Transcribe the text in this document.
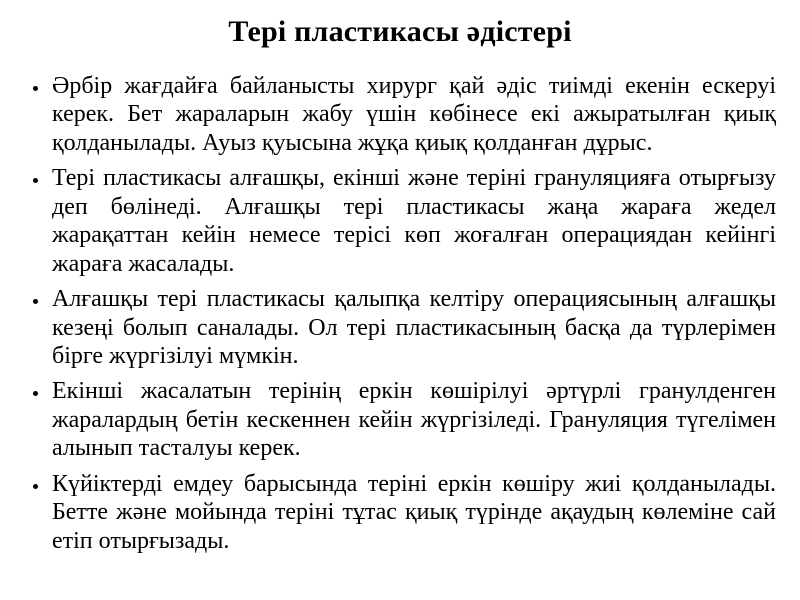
Тері пластикасы әдістері
• Әрбір жағдайға байланысты хирург қай әдіс тиімді екенін ескеруі керек. Бет жараларын жабу үшін көбінесе екі ажыратылған қиық қолданылады. Ауыз қуысына жұқа қиық қолданған дұрыс.
• Тері пластикасы алғашқы, екінші және теріні грануляцияға отырғызу деп бөлінеді. Алғашқы тері пластикасы жаңа жараға жедел жарақаттан кейін немесе терісі көп жоғалған операциядан кейінгі жараға жасалады.
• Алғашқы тері пластикасы қалыпқа келтіру операциясының алғашқы кезеңі болып саналады. Ол тері пластикасының басқа да түрлерімен бірге жүргізілуі мүмкін.
• Екінші жасалатын терінің еркін көшірілуі әртүрлі гранулденген жаралардың бетін кескеннен кейін жүргізіледі. Грануляция түгелімен алынып тасталуы керек.
• Күйіктерді емдеу барысында теріні еркін көшіру жиі қолданылады. Бетте және мойында теріні тұтас қиық түрінде ақаудың көлеміне сай етіп отырғызады.
